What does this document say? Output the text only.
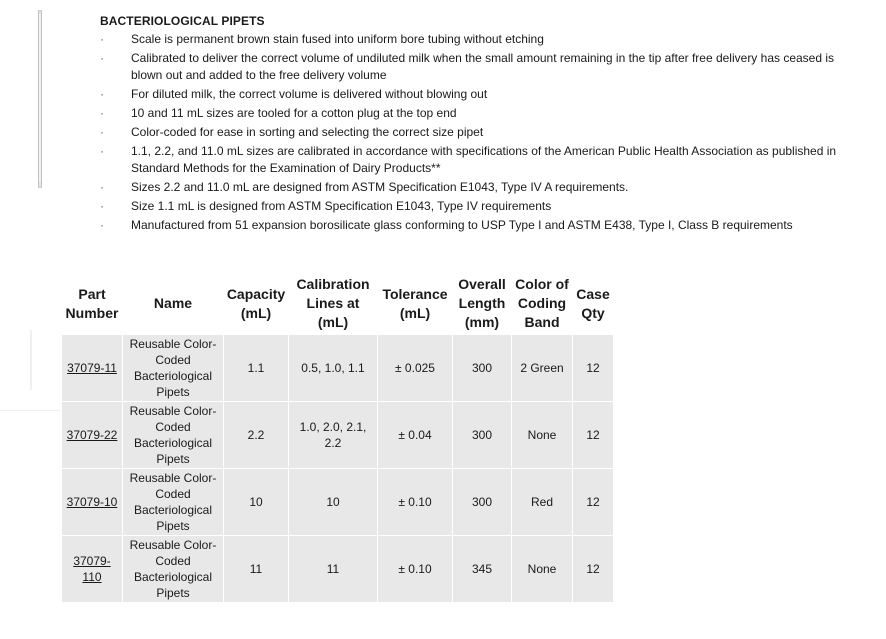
BACTERIOLOGICAL PIPETS
· Scale is permanent brown stain fused into uniform bore tubing without etching
· Calibrated to deliver the correct volume of undiluted milk when the small amount remaining in the tip after free delivery has ceased is blown out and added to the free delivery volume
· For diluted milk, the correct volume is delivered without blowing out
· 10 and 11 mL sizes are tooled for a cotton plug at the top end
· Color-coded for ease in sorting and selecting the correct size pipet
· 1.1, 2.2, and 11.0 mL sizes are calibrated in accordance with specifications of the American Public Health Association as published in Standard Methods for the Examination of Dairy Products**
· Sizes 2.2 and 11.0 mL are designed from ASTM Specification E1043, Type IV A requirements.
· Size 1.1 mL is designed from ASTM Specification E1043, Type IV requirements
· Manufactured from 51 expansion borosilicate glass conforming to USP Type I and ASTM E438, Type I, Class B requirements
Part Number	Name	Capacity (mL)	Calibration Lines at (mL)	Tolerance (mL)	Overall Length (mm)	Color of Coding Band	Case Qty
37079-11	Reusable Color-Coded Bacteriological Pipets	1.1	0.5, 1.0, 1.1	± 0.025	300	2 Green	12
37079-22	Reusable Color-Coded Bacteriological Pipets	2.2	1.0, 2.0, 2.1, 2.2	± 0.04	300	None	12
37079-10	Reusable Color-Coded Bacteriological Pipets	10	10	± 0.10	300	Red	12
37079-110	Reusable Color-Coded Bacteriological Pipets	11	11	± 0.10	345	None	12
